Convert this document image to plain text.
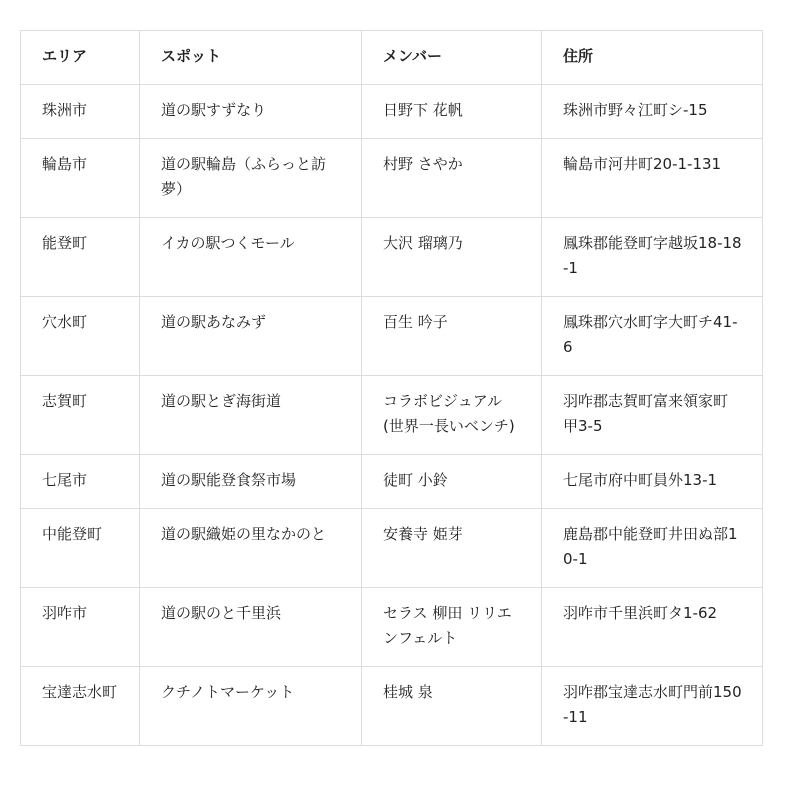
エリア	スポット	メンバー	住所
珠洲市	道の駅すずなり	日野下 花帆	珠洲市野々江町シ-15
輪島市	道の駅輪島（ふらっと訪夢）	村野 さやか	輪島市河井町20-1-131
能登町	イカの駅つくモール	大沢 瑠璃乃	鳳珠郡能登町字越坂18-18-1
穴水町	道の駅あなみず	百生 吟子	鳳珠郡穴水町字大町チ41-6
志賀町	道の駅とぎ海街道	コラボビジュアル(世界一長いベンチ)	羽咋郡志賀町富来領家町甲3-5
七尾市	道の駅能登食祭市場	徒町 小鈴	七尾市府中町員外13-1
中能登町	道の駅織姫の里なかのと	安養寺 姫芽	鹿島郡中能登町井田ぬ部10-1
羽咋市	道の駅のと千里浜	セラス 柳田 リリエンフェルト	羽咋市千里浜町タ1-62
宝達志水町	クチノトマーケット	桂城 泉	羽咋郡宝達志水町門前150-11
